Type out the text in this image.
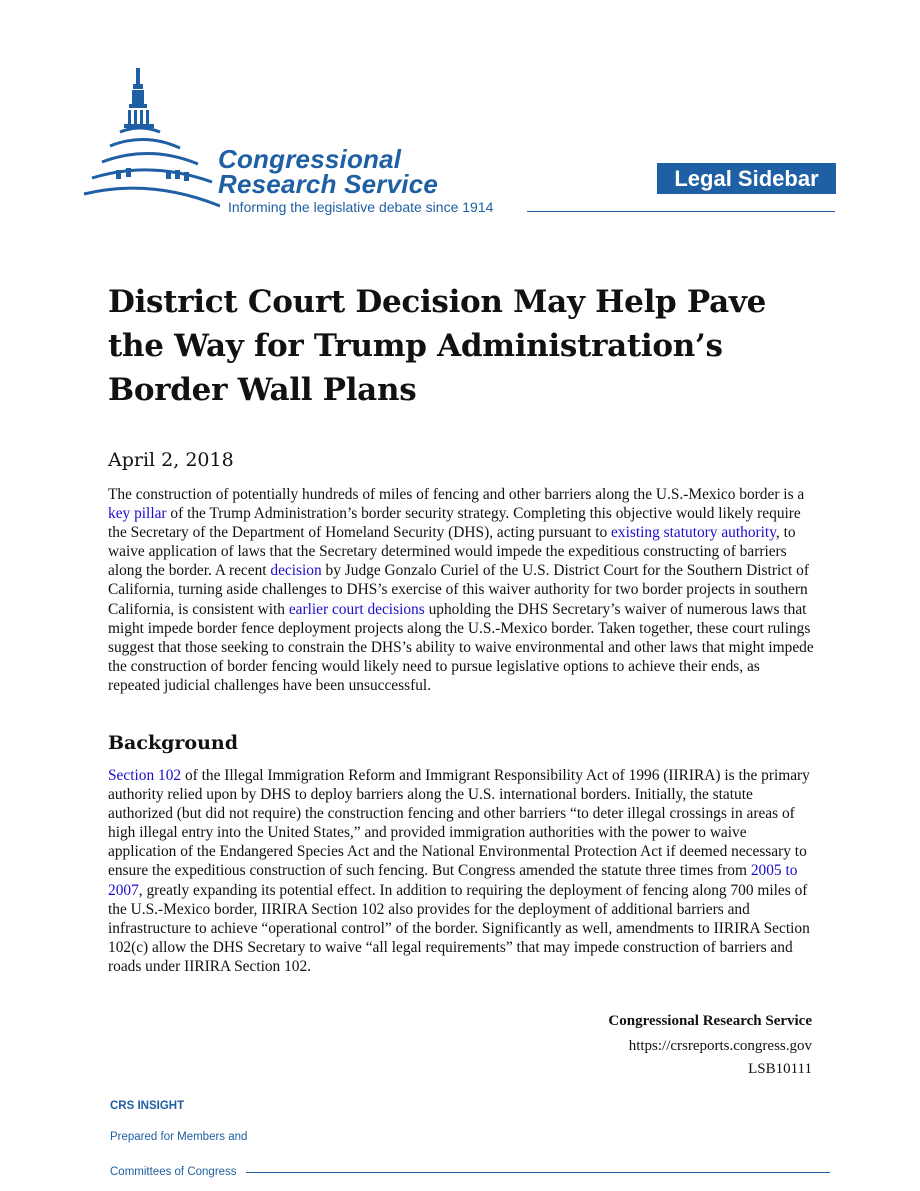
Congressional
Research Service
Informing the legislative debate since 1914
Legal Sidebar
District Court Decision May Help Pave the Way for Trump Administration’s Border Wall Plans
April 2, 2018
The construction of potentially hundreds of miles of fencing and other barriers along the U.S.-Mexico border is a key pillar of the Trump Administration’s border security strategy. Completing this objective would likely require the Secretary of the Department of Homeland Security (DHS), acting pursuant to existing statutory authority, to waive application of laws that the Secretary determined would impede the expeditious constructing of barriers along the border. A recent decision by Judge Gonzalo Curiel of the U.S. District Court for the Southern District of California, turning aside challenges to DHS’s exercise of this waiver authority for two border projects in southern California, is consistent with earlier court decisions upholding the DHS Secretary’s waiver of numerous laws that might impede border fence deployment projects along the U.S.-Mexico border. Taken together, these court rulings suggest that those seeking to constrain the DHS’s ability to waive environmental and other laws that might impede the construction of border fencing would likely need to pursue legislative options to achieve their ends, as repeated judicial challenges have been unsuccessful.
Background
Section 102 of the Illegal Immigration Reform and Immigrant Responsibility Act of 1996 (IIRIRA) is the primary authority relied upon by DHS to deploy barriers along the U.S. international borders. Initially, the statute authorized (but did not require) the construction fencing and other barriers “to deter illegal crossings in areas of high illegal entry into the United States,” and provided immigration authorities with the power to waive application of the Endangered Species Act and the National Environmental Protection Act if deemed necessary to ensure the expeditious construction of such fencing. But Congress amended the statute three times from 2005 to 2007, greatly expanding its potential effect. In addition to requiring the deployment of fencing along 700 miles of the U.S.-Mexico border, IIRIRA Section 102 also provides for the deployment of additional barriers and infrastructure to achieve “operational control” of the border. Significantly as well, amendments to IIRIRA Section 102(c) allow the DHS Secretary to waive “all legal requirements” that may impede construction of barriers and roads under IIRIRA Section 102.
Congressional Research Service
https://crsreports.congress.gov
LSB10111
CRS INSIGHT
Prepared for Members and
Committees of Congress
